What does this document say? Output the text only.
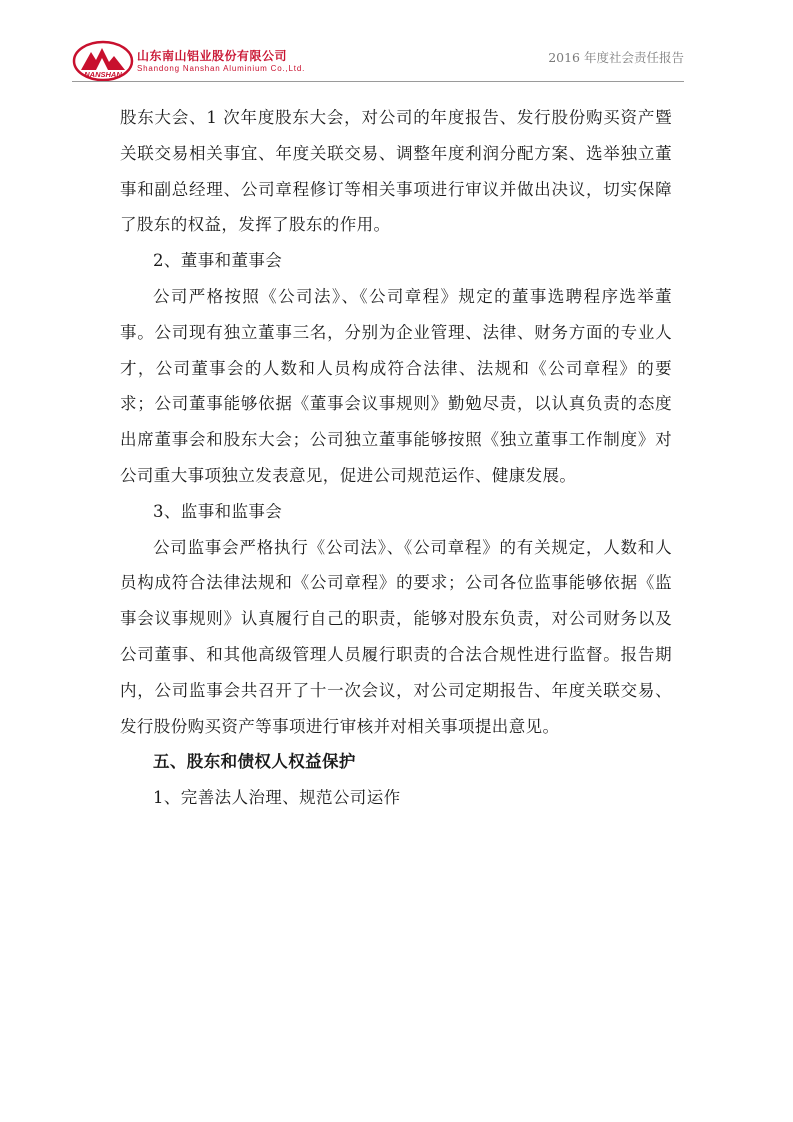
NANSHAN
山东南山铝业股份有限公司
Shandong Nanshan Aluminium Co.,Ltd.
2016 年度社会责任报告

股东大会、1 次年度股东大会，对公司的年度报告、发行股份购买资产暨关联交易相关事宜、年度关联交易、调整年度利润分配方案、选举独立董事和副总经理、公司章程修订等相关事项进行审议并做出决议，切实保障了股东的权益，发挥了股东的作用。

2、董事和董事会

公司严格按照《公司法》、《公司章程》规定的董事选聘程序选举董事。公司现有独立董事三名，分别为企业管理、法律、财务方面的专业人才，公司董事会的人数和人员构成符合法律、法规和《公司章程》的要求；公司董事能够依据《董事会议事规则》勤勉尽责，以认真负责的态度出席董事会和股东大会；公司独立董事能够按照《独立董事工作制度》对公司重大事项独立发表意见，促进公司规范运作、健康发展。

3、监事和监事会

公司监事会严格执行《公司法》、《公司章程》的有关规定，人数和人员构成符合法律法规和《公司章程》的要求；公司各位监事能够依据《监事会议事规则》认真履行自己的职责，能够对股东负责，对公司财务以及公司董事、和其他高级管理人员履行职责的合法合规性进行监督。报告期内，公司监事会共召开了十一次会议，对公司定期报告、年度关联交易、发行股份购买资产等事项进行审核并对相关事项提出意见。

五、股东和债权人权益保护

1、完善法人治理、规范公司运作
